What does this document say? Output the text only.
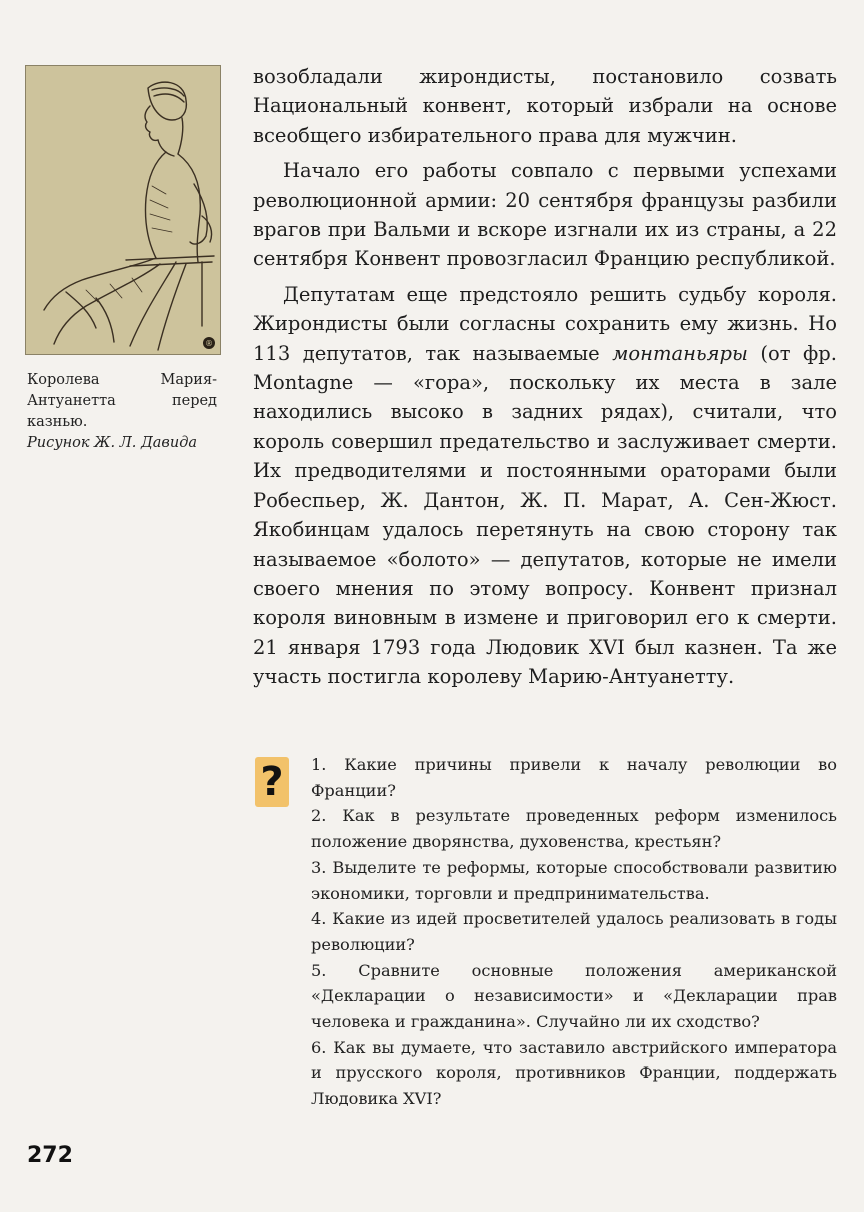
®
Королева Мария-Антуанетта перед казнью.
Рисунок Ж. Л. Давида

возобладали жирондисты, постановило созвать Национальный конвент, который избрали на основе всеобщего избирательного права для мужчин.

Начало его работы совпало с первыми успехами революционной армии: 20 сентября французы разбили врагов при Вальми и вскоре изгнали их из страны, а 22 сентября Конвент провозгласил Францию республикой.

Депутатам еще предстояло решить судьбу короля. Жирондисты были согласны сохранить ему жизнь. Но 113 депутатов, так называемые монтаньяры (от фр. Montagne — «гора», поскольку их места в зале находились высоко в задних рядах), считали, что король совершил предательство и заслуживает смерти. Их предводителями и постоянными ораторами были Робеспьер, Ж. Дантон, Ж. П. Марат, А. Сен-Жюст. Якобинцам удалось перетянуть на свою сторону так называемое «болото» — депутатов, которые не имели своего мнения по этому вопросу. Конвент признал короля виновным в измене и приговорил его к смерти. 21 января 1793 года Людовик XVI был казнен. Та же участь постигла королеву Марию-Антуанетту.

?	1. Какие причины привели к началу революции во Франции?

2. Как в результате проведенных реформ изменилось положение дворянства, духовенства, крестьян?

3. Выделите те реформы, которые способствовали развитию экономики, торговли и предпринимательства.

4. Какие из идей просветителей удалось реализовать в годы революции?

5. Сравните основные положения американской «Декларации о независимости» и «Декларации прав человека и гражданина». Случайно ли их сходство?

6. Как вы думаете, что заставило австрийского императора и прусского короля, противников Франции, поддержать Людовика XVI?

272
